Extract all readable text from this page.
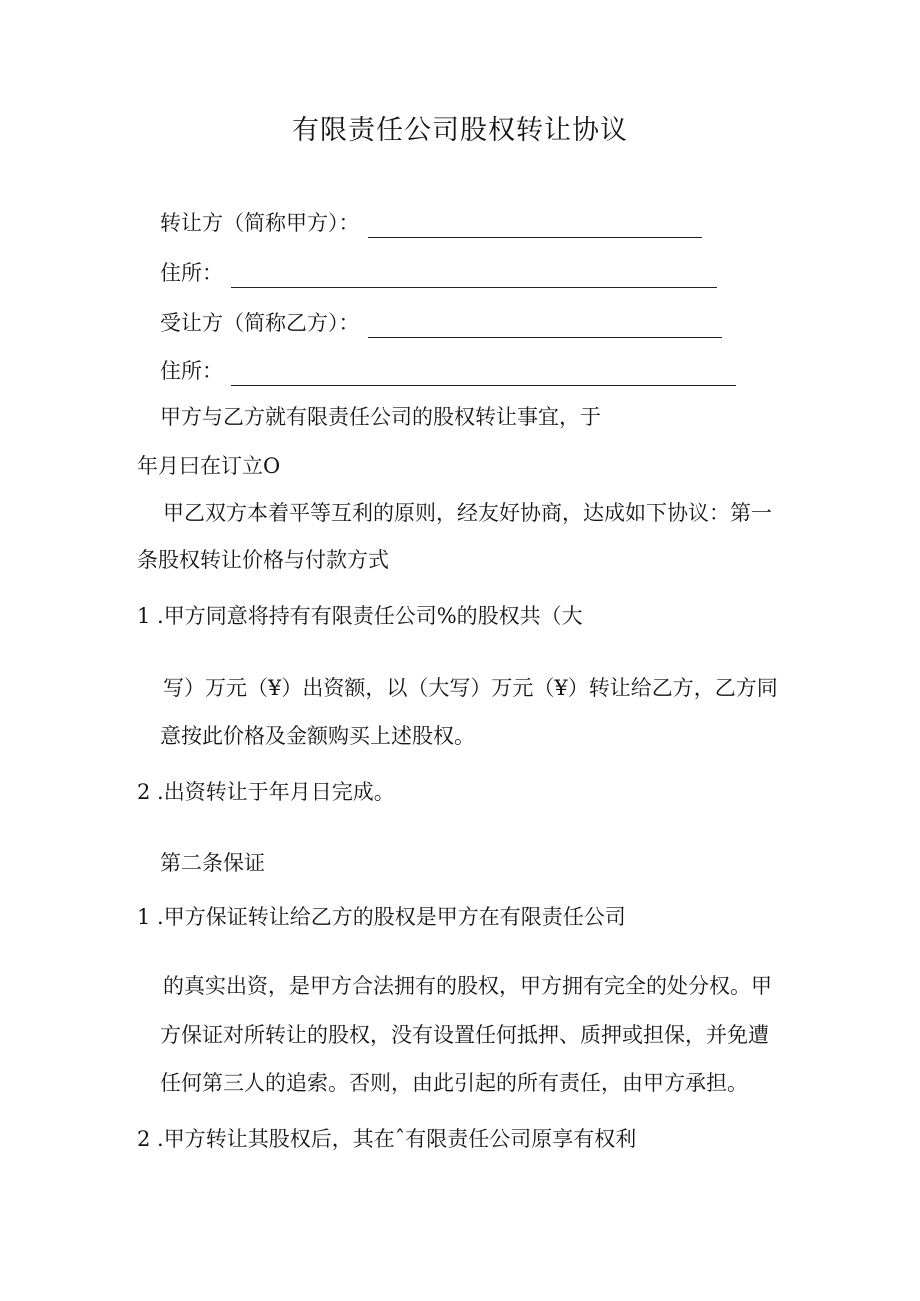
有限责任公司股权转让协议
转让方（简称甲方）：
住所：
受让方（简称乙方）：
住所：
甲方与乙方就有限责任公司的股权转让事宜，于
年月曰在订立O
甲乙双方本着平等互利的原则，经友好协商，达成如下协议：第一
条股权转让价格与付款方式
1 .甲方同意将持有有限责任公司%的股权共（大
写）万元（¥）出资额，以（大写）万元（¥）转让给乙方，乙方同
意按此价格及金额购买上述股权。
2 .出资转让于年月日完成。
第二条保证
1 .甲方保证转让给乙方的股权是甲方在有限责任公司
的真实出资，是甲方合法拥有的股权，甲方拥有完全的处分权。甲
方保证对所转让的股权，没有设置任何抵押、质押或担保，并免遭
任何第三人的追索。否则，由此引起的所有责任，由甲方承担。
2 .甲方转让其股权后，其在ˆ有限责任公司原享有权利
